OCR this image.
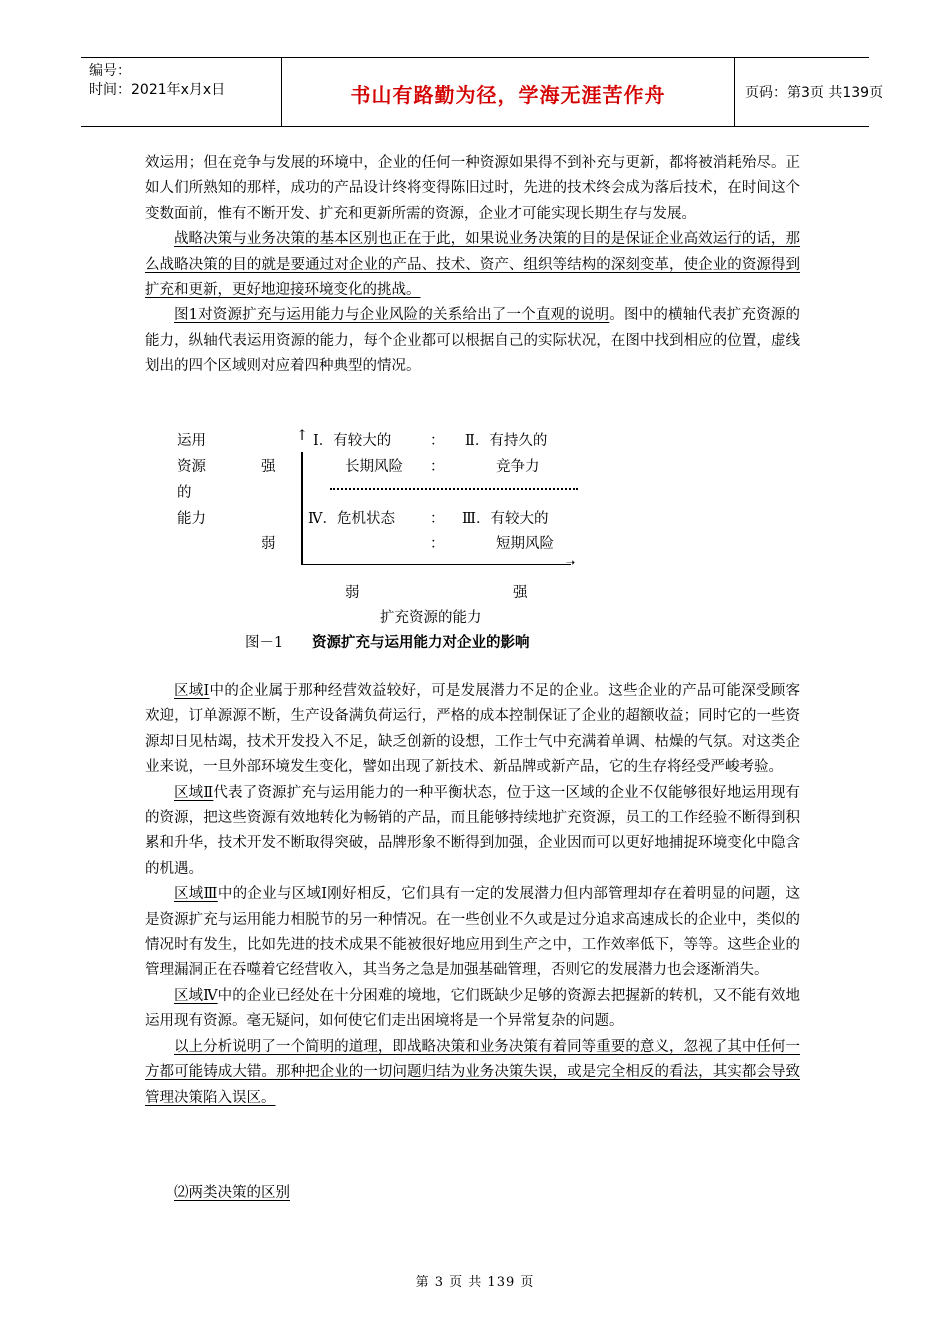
编号：
时间：2021年x月x日	书山有路勤为径，学海无涯苦作舟	页码：第3页 共139页

效运用；但在竞争与发展的环境中，企业的任何一种资源如果得不到补充与更新，都将被消耗殆尽。正如人们所熟知的那样，成功的产品设计终将变得陈旧过时，先进的技术终会成为落后技术，在时间这个变数面前，惟有不断开发、扩充和更新所需的资源，企业才可能实现长期生存与发展。

战略决策与业务决策的基本区别也正在于此，如果说业务决策的目的是保证企业高效运行的话，那么战略决策的目的就是要通过对企业的产品、技术、资产、组织等结构的深刻变革，使企业的资源得到扩充和更新，更好地迎接环境变化的挑战。

图1对资源扩充与运用能力与企业风险的关系给出了一个直观的说明。图中的横轴代表扩充资源的能力，纵轴代表运用资源的能力，每个企业都可以根据自己的实际状况，在图中找到相应的位置，虚线划出的四个区域则对应着四种典型的情况。

运用
资源
的
能力
强
弱
↑
➝
Ⅰ．有较大的
长期风险
：
：
Ⅱ．有持久的
竞争力
Ⅳ．危机状态 ：
：
Ⅲ．有较大的
短期风险
弱	强
扩充资源的能力
图－1 资源扩充与运用能力对企业的影响

区域Ⅰ中的企业属于那种经营效益较好，可是发展潜力不足的企业。这些企业的产品可能深受顾客欢迎，订单源源不断，生产设备满负荷运行，严格的成本控制保证了企业的超额收益；同时它的一些资源却日见枯竭，技术开发投入不足，缺乏创新的设想，工作士气中充满着单调、枯燥的气氛。对这类企业来说，一旦外部环境发生变化，譬如出现了新技术、新品牌或新产品，它的生存将经受严峻考验。

区域Ⅱ代表了资源扩充与运用能力的一种平衡状态，位于这一区域的企业不仅能够很好地运用现有的资源，把这些资源有效地转化为畅销的产品，而且能够持续地扩充资源，员工的工作经验不断得到积累和升华，技术开发不断取得突破，品牌形象不断得到加强，企业因而可以更好地捕捉环境变化中隐含的机遇。

区域Ⅲ中的企业与区域Ⅰ刚好相反，它们具有一定的发展潜力但内部管理却存在着明显的问题，这是资源扩充与运用能力相脱节的另一种情况。在一些创业不久或是过分追求高速成长的企业中，类似的情况时有发生，比如先进的技术成果不能被很好地应用到生产之中，工作效率低下，等等。这些企业的管理漏洞正在吞噬着它经营收入，其当务之急是加强基础管理，否则它的发展潜力也会逐渐消失。

区域Ⅳ中的企业已经处在十分困难的境地，它们既缺少足够的资源去把握新的转机，又不能有效地运用现有资源。毫无疑问，如何使它们走出困境将是一个异常复杂的问题。

以上分析说明了一个简明的道理，即战略决策和业务决策有着同等重要的意义，忽视了其中任何一方都可能铸成大错。那种把企业的一切问题归结为业务决策失误，或是完全相反的看法，其实都会导致管理决策陷入误区。

⑵两类决策的区别

第 3 页 共 139 页
